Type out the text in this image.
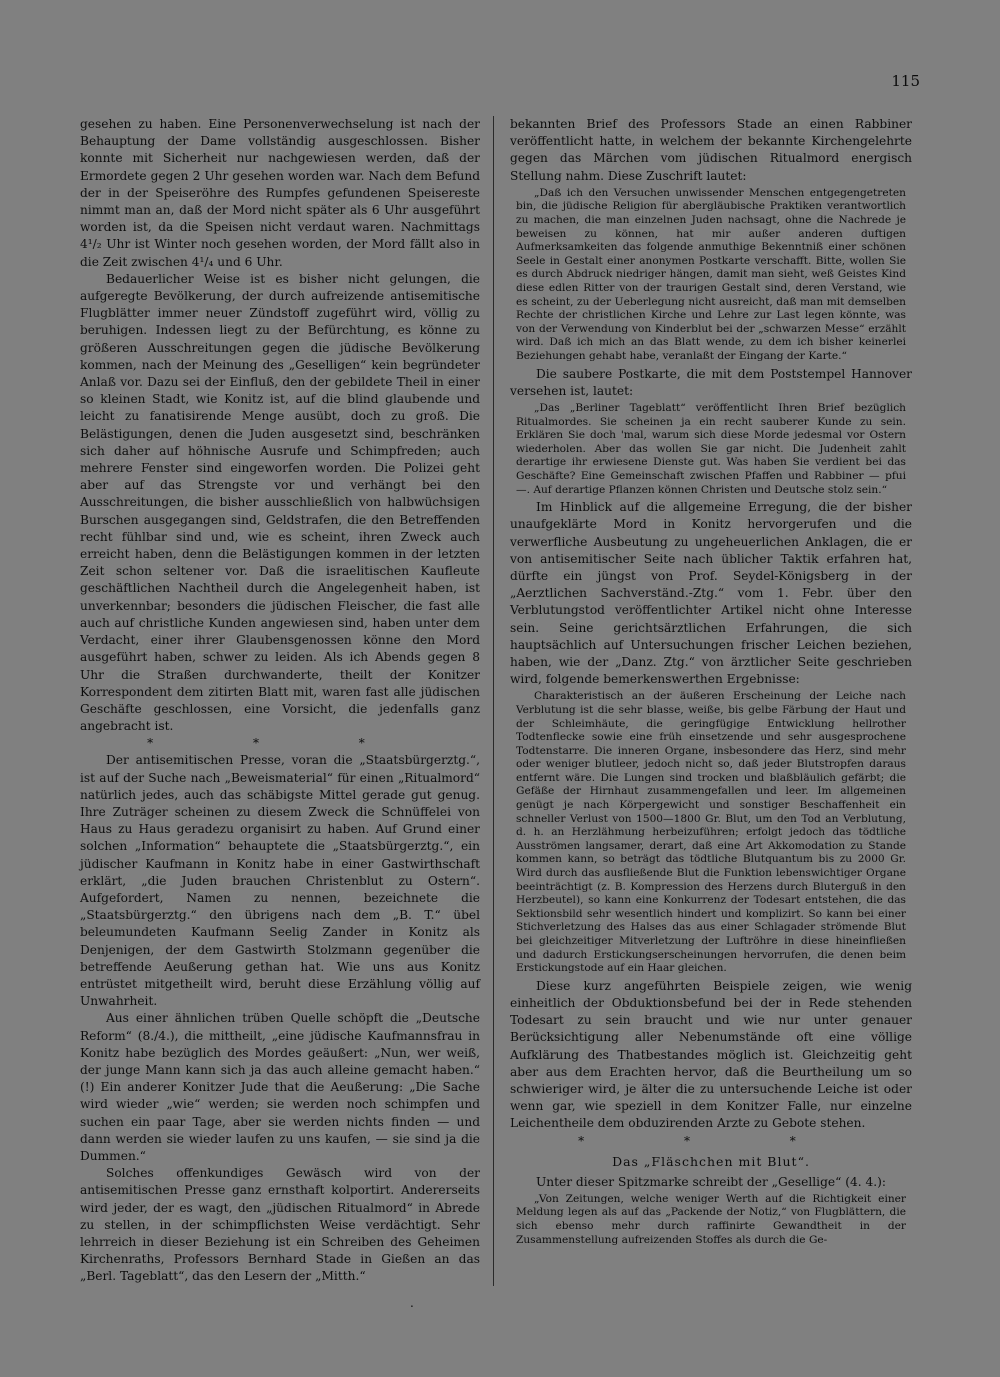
115

gesehen zu haben. Eine Personenverwechselung ist nach der Behauptung der Dame vollständig ausgeschlossen. Bisher konnte mit Sicherheit nur nachgewiesen werden, daß der Ermordete gegen 2 Uhr gesehen worden war. Nach dem Befund der in der Speiseröhre des Rumpfes gefundenen Speisereste nimmt man an, daß der Mord nicht später als 6 Uhr ausgeführt worden ist, da die Speisen nicht verdaut waren. Nachmittags 4¹/₂ Uhr ist Winter noch gesehen worden, der Mord fällt also in die Zeit zwischen 4¹/₄ und 6 Uhr.

Bedauerlicher Weise ist es bisher nicht gelungen, die aufgeregte Bevölkerung, der durch aufreizende antisemitische Flugblätter immer neuer Zündstoff zugeführt wird, völlig zu beruhigen. Indessen liegt zu der Befürchtung, es könne zu größeren Ausschreitungen gegen die jüdische Bevölkerung kommen, nach der Meinung des „Geselligen“ kein begründeter Anlaß vor. Dazu sei der Einfluß, den der gebildete Theil in einer so kleinen Stadt, wie Konitz ist, auf die blind glaubende und leicht zu fanatisirende Menge ausübt, doch zu groß. Die Belästigungen, denen die Juden ausgesetzt sind, beschränken sich daher auf höhnische Ausrufe und Schimpfreden; auch mehrere Fenster sind eingeworfen worden. Die Polizei geht aber auf das Strengste vor und verhängt bei den Ausschreitungen, die bisher ausschließlich von halbwüchsigen Burschen ausgegangen sind, Geldstrafen, die den Betreffenden recht fühlbar sind und, wie es scheint, ihren Zweck auch erreicht haben, denn die Belästigungen kommen in der letzten Zeit schon seltener vor. Daß die israelitischen Kaufleute geschäftlichen Nachtheil durch die Angelegenheit haben, ist unverkennbar; besonders die jüdischen Fleischer, die fast alle auch auf christliche Kunden angewiesen sind, haben unter dem Verdacht, einer ihrer Glaubensgenossen könne den Mord ausgeführt haben, schwer zu leiden. Als ich Abends gegen 8 Uhr die Straßen durchwanderte, theilt der Konitzer Korrespondent dem zitirten Blatt mit, waren fast alle jüdischen Geschäfte geschlossen, eine Vorsicht, die jedenfalls ganz angebracht ist.

* * *

Der antisemitischen Presse, voran die „Staatsbürgerztg.“, ist auf der Suche nach „Beweismaterial“ für einen „Ritualmord“ natürlich jedes, auch das schäbigste Mittel gerade gut genug. Ihre Zuträger scheinen zu diesem Zweck die Schnüffelei von Haus zu Haus geradezu organisirt zu haben. Auf Grund einer solchen „Information“ behauptete die „Staatsbürgerztg.“, ein jüdischer Kaufmann in Konitz habe in einer Gastwirthschaft erklärt, „die Juden brauchen Christenblut zu Ostern“. Aufgefordert, Namen zu nennen, bezeichnete die „Staatsbürgerztg.“ den übrigens nach dem „B. T.“ übel beleumundeten Kaufmann Seelig Zander in Konitz als Denjenigen, der dem Gastwirth Stolzmann gegenüber die betreffende Aeußerung gethan hat. Wie uns aus Konitz entrüstet mitgetheilt wird, beruht diese Erzählung völlig auf Unwahrheit.

Aus einer ähnlichen trüben Quelle schöpft die „Deutsche Reform“ (8./4.), die mittheilt, „eine jüdische Kaufmannsfrau in Konitz habe bezüglich des Mordes geäußert: „Nun, wer weiß, der junge Mann kann sich ja das auch alleine gemacht haben.“ (!) Ein anderer Konitzer Jude that die Aeußerung: „Die Sache wird wieder „wie“ werden; sie werden noch schimpfen und suchen ein paar Tage, aber sie werden nichts finden — und dann werden sie wieder laufen zu uns kaufen, — sie sind ja die Dummen.“

Solches offenkundiges Gewäsch wird von der antisemitischen Presse ganz ernsthaft kolportirt. Andererseits wird jeder, der es wagt, den „jüdischen Ritualmord“ in Abrede zu stellen, in der schimpflichsten Weise verdächtigt. Sehr lehrreich in dieser Beziehung ist ein Schreiben des Geheimen Kirchenraths, Professors Bernhard Stade in Gießen an das „Berl. Tageblatt“, das den Lesern der „Mitth.“

bekannten Brief des Professors Stade an einen Rabbiner veröffentlicht hatte, in welchem der bekannte Kirchengelehrte gegen das Märchen vom jüdischen Ritualmord energisch Stellung nahm. Diese Zuschrift lautet:

„Daß ich den Versuchen unwissender Menschen entgegengetreten bin, die jüdische Religion für abergläubische Praktiken verantwortlich zu machen, die man einzelnen Juden nachsagt, ohne die Nachrede je beweisen zu können, hat mir außer anderen duftigen Aufmerksamkeiten das folgende anmuthige Bekenntniß einer schönen Seele in Gestalt einer anonymen Postkarte verschafft. Bitte, wollen Sie es durch Abdruck niedriger hängen, damit man sieht, weß Geistes Kind diese edlen Ritter von der traurigen Gestalt sind, deren Verstand, wie es scheint, zu der Ueberlegung nicht ausreicht, daß man mit demselben Rechte der christlichen Kirche und Lehre zur Last legen könnte, was von der Verwendung von Kinderblut bei der „schwarzen Messe“ erzählt wird. Daß ich mich an das Blatt wende, zu dem ich bisher keinerlei Beziehungen gehabt habe, veranlaßt der Eingang der Karte.“

Die saubere Postkarte, die mit dem Poststempel Hannover versehen ist, lautet:

„Das „Berliner Tageblatt“ veröffentlicht Ihren Brief bezüglich Ritualmordes. Sie scheinen ja ein recht sauberer Kunde zu sein. Erklären Sie doch 'mal, warum sich diese Morde jedesmal vor Ostern wiederholen. Aber das wollen Sie gar nicht. Die Judenheit zahlt derartige ihr erwiesene Dienste gut. Was haben Sie verdient bei das Geschäfte? Eine Gemeinschaft zwischen Pfaffen und Rabbiner — pfui —. Auf derartige Pflanzen können Christen und Deutsche stolz sein.“

Im Hinblick auf die allgemeine Erregung, die der bisher unaufgeklärte Mord in Konitz hervorgerufen und die verwerfliche Ausbeutung zu ungeheuerlichen Anklagen, die er von antisemitischer Seite nach üblicher Taktik erfahren hat, dürfte ein jüngst von Prof. Seydel-Königsberg in der „Aerztlichen Sachverständ.-Ztg.“ vom 1. Febr. über den Verblutungstod veröffentlichter Artikel nicht ohne Interesse sein. Seine gerichtsärztlichen Erfahrungen, die sich hauptsächlich auf Untersuchungen frischer Leichen beziehen, haben, wie der „Danz. Ztg.“ von ärztlicher Seite geschrieben wird, folgende bemerkenswerthen Ergebnisse:

Charakteristisch an der äußeren Erscheinung der Leiche nach Verblutung ist die sehr blasse, weiße, bis gelbe Färbung der Haut und der Schleimhäute, die geringfügige Entwicklung hellrother Todtenflecke sowie eine früh einsetzende und sehr ausgesprochene Todtenstarre. Die inneren Organe, insbesondere das Herz, sind mehr oder weniger blutleer, jedoch nicht so, daß jeder Blutstropfen daraus entfernt wäre. Die Lungen sind trocken und blaßbläulich gefärbt; die Gefäße der Hirnhaut zusammengefallen und leer. Im allgemeinen genügt je nach Körpergewicht und sonstiger Beschaffenheit ein schneller Verlust von 1500—1800 Gr. Blut, um den Tod an Verblutung, d. h. an Herzlähmung herbeizuführen; erfolgt jedoch das tödtliche Ausströmen langsamer, derart, daß eine Art Akkomodation zu Stande kommen kann, so beträgt das tödtliche Blutquantum bis zu 2000 Gr. Wird durch das ausfließende Blut die Funktion lebenswichtiger Organe beeinträchtigt (z. B. Kompression des Herzens durch Bluterguß in den Herzbeutel), so kann eine Konkurrenz der Todesart entstehen, die das Sektionsbild sehr wesentlich hindert und komplizirt. So kann bei einer Stichverletzung des Halses das aus einer Schlagader strömende Blut bei gleichzeitiger Mitverletzung der Luftröhre in diese hineinfließen und dadurch Erstickungserscheinungen hervorrufen, die denen beim Erstickungstode auf ein Haar gleichen.

Diese kurz angeführten Beispiele zeigen, wie wenig einheitlich der Obduktionsbefund bei der in Rede stehenden Todesart zu sein braucht und wie nur unter genauer Berücksichtigung aller Nebenumstände oft eine völlige Aufklärung des Thatbestandes möglich ist. Gleichzeitig geht aber aus dem Erachten hervor, daß die Beurtheilung um so schwieriger wird, je älter die zu untersuchende Leiche ist oder wenn gar, wie speziell in dem Konitzer Falle, nur einzelne Leichentheile dem obduzirenden Arzte zu Gebote stehen.

* * *

Das „Fläschchen mit Blut“.

Unter dieser Spitzmarke schreibt der „Gesellige“ (4. 4.):

„Von Zeitungen, welche weniger Werth auf die Richtigkeit einer Meldung legen als auf das „Packende der Notiz,“ von Flugblättern, die sich ebenso mehr durch raffinirte Gewandtheit in der Zusammenstellung aufreizenden Stoffes als durch die Ge-

.
